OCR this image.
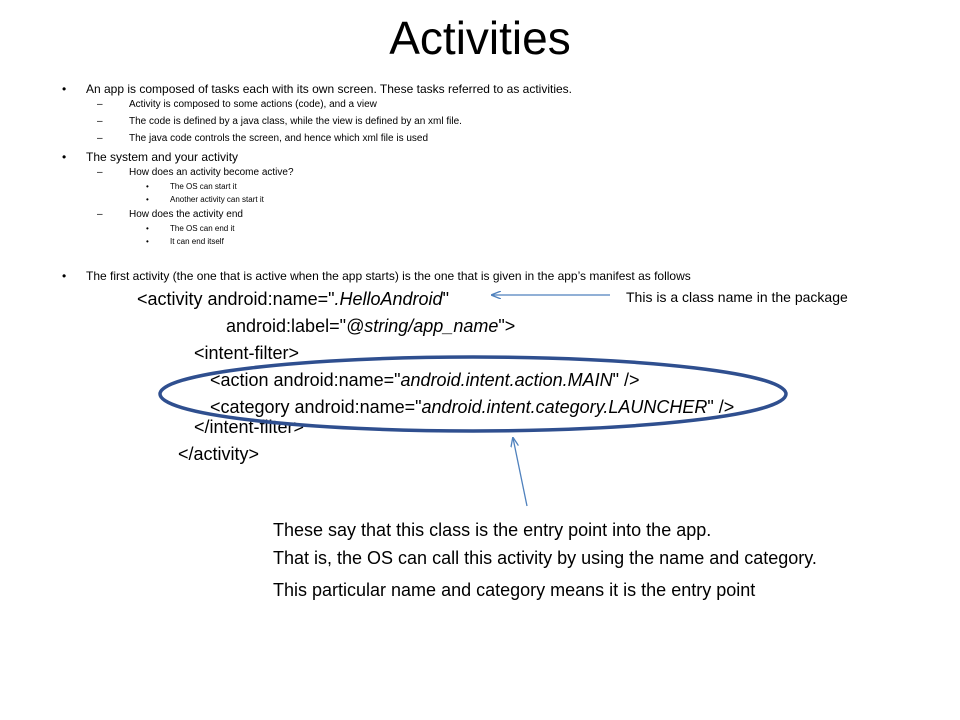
Activities
• An app is composed of tasks each with its own screen. These tasks referred to as activities.
–	Activity is composed to some actions (code), and a view
–	The code is defined by a java class, while the view is defined by an xml file.
–	The java code controls the screen, and hence which xml file is used
• The system and your activity
–	How does an activity become active?
•	The OS can start it
•	Another activity can start it
–	How does the activity end
•	The OS can end it
•	It can end itself
• The first activity (the one that is active when the app starts) is the one that is given in the app’s manifest as follows
<activity android:name=".HelloAndroid"
android:label="@string/app_name">
<intent-filter>
<action android:name="android.intent.action.MAIN" />
<category android:name="android.intent.category.LAUNCHER" />
</intent-filter>
</activity>
This is a class name in the package
These say that this class is the entry point into the app.
That is, the OS can call this activity by using the name and category.
This particular name and category means it is the entry point
